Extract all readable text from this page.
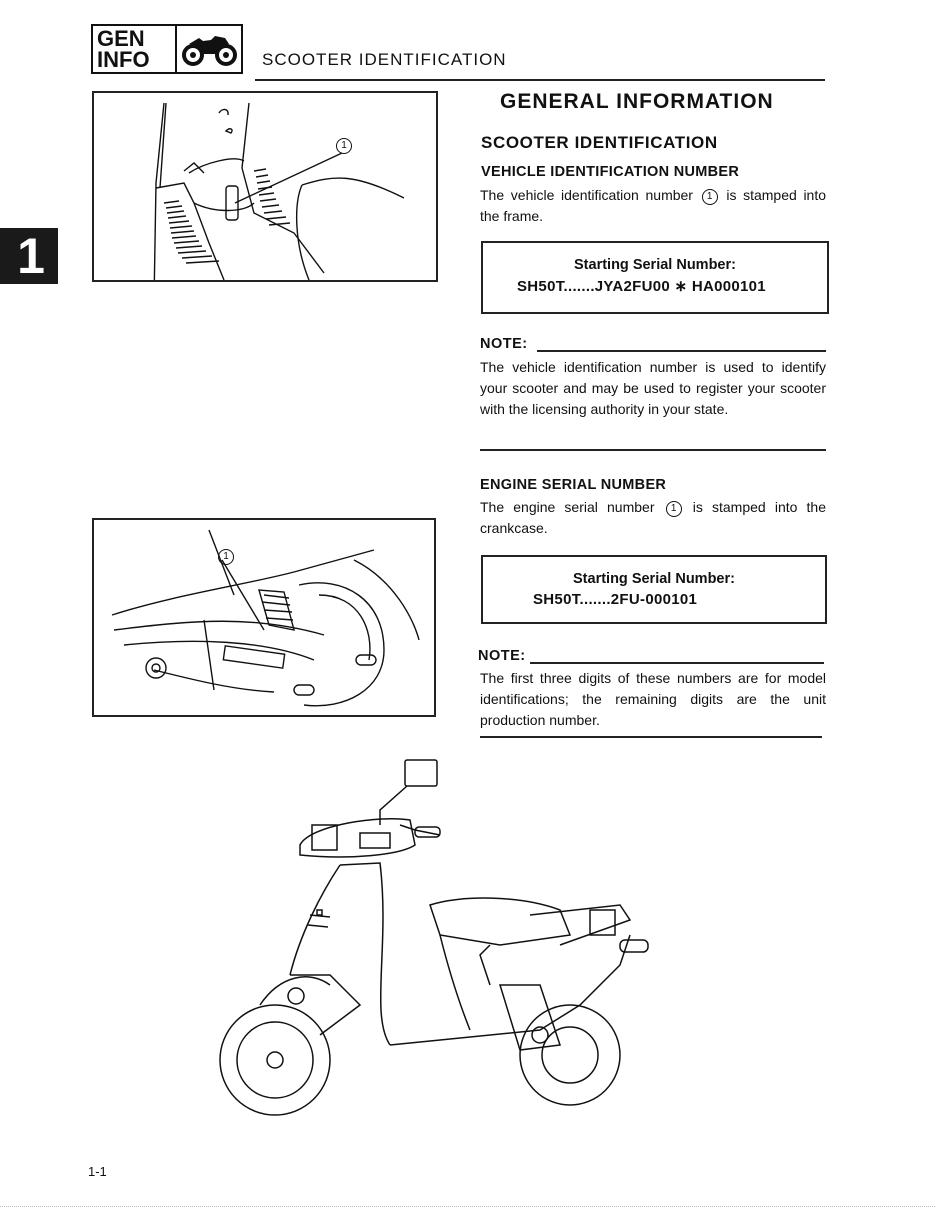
GEN
INFO	SCOOTER IDENTIFICATION
1
1
1
GENERAL INFORMATION
SCOOTER IDENTIFICATION
VEHICLE IDENTIFICATION NUMBER
The vehicle identification number 1 is stamped into the frame.
Starting Serial Number:
SH50T.......JYA2FU00 ∗ HA000101
NOTE:
The vehicle identification number is used to identify your scooter and may be used to register your scooter with the licensing authority in your state.
ENGINE SERIAL NUMBER
The engine serial number 1 is stamped into the crankcase.
Starting Serial Number:
SH50T.......2FU-000101
NOTE:
The first three digits of these numbers are for model identifications; the remaining digits are the unit production number.
1-1
